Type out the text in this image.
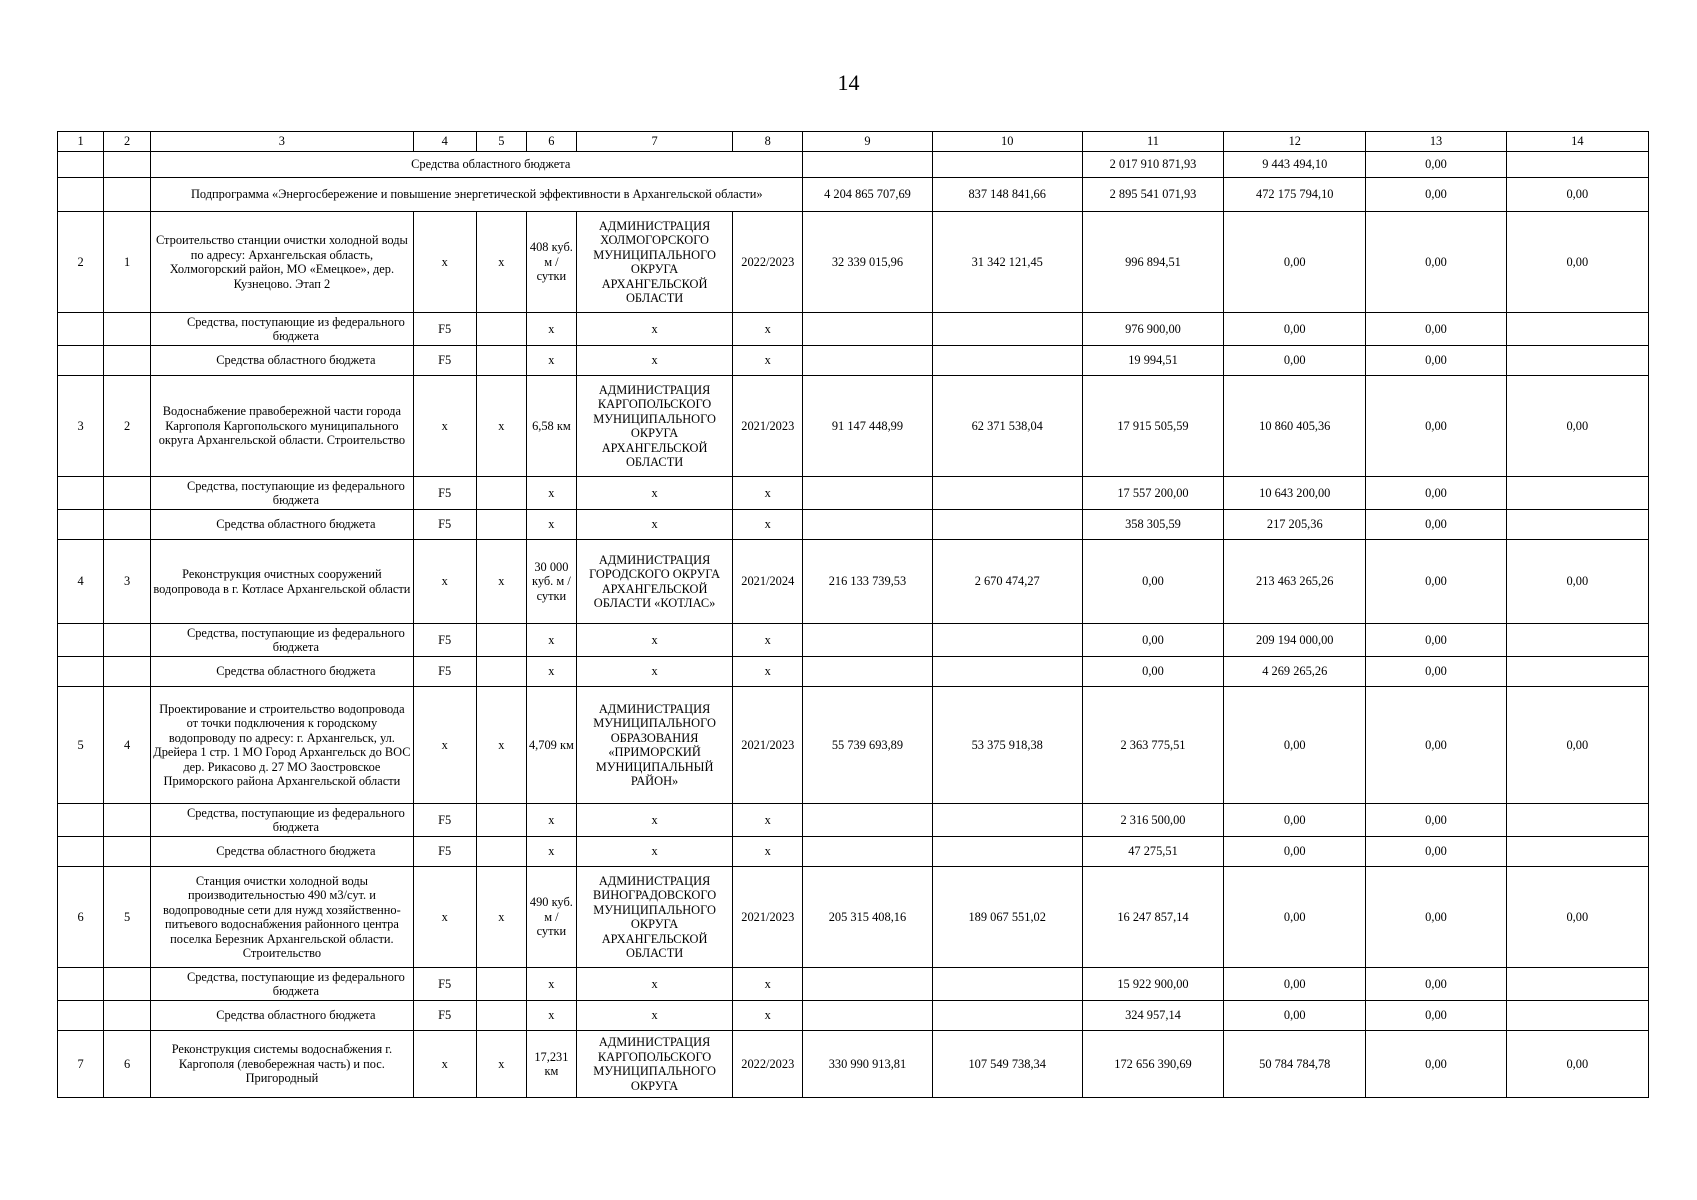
14
1	2	3	4	5	6	7	8	9	10	11	12	13	14
		Средства областного бюджета								2 017 910 871,93	9 443 494,10	0,00	
		Подпрограмма «Энергосбережение и повышение энергетической эффективности в Архангельской области»						4 204 865 707,69	837 148 841,66	2 895 541 071,93	472 175 794,10	0,00	0,00
2	1	Строительство станции очистки холодной воды по адресу: Архангельская область, Холмогорский район, МО «Емецкое», дер. Кузнецово. Этап 2	х	х	408 куб. м / сутки	АДМИНИСТРАЦИЯ ХОЛМОГОРСКОГО МУНИЦИПАЛЬНОГО ОКРУГА АРХАНГЕЛЬСКОЙ ОБЛАСТИ	2022/2023	32 339 015,96	31 342 121,45	996 894,51	0,00	0,00	0,00
		Средства, поступающие из федерального бюджета	F5		х	х	х			976 900,00	0,00	0,00	
		Средства областного бюджета	F5		х	х	х			19 994,51	0,00	0,00	
3	2	Водоснабжение правобережной части города Каргополя Каргопольского муниципального округа Архангельской области. Строительство	х	х	6,58 км	АДМИНИСТРАЦИЯ КАРГОПОЛЬСКОГО МУНИЦИПАЛЬНОГО ОКРУГА АРХАНГЕЛЬСКОЙ ОБЛАСТИ	2021/2023	91 147 448,99	62 371 538,04	17 915 505,59	10 860 405,36	0,00	0,00
		Средства, поступающие из федерального бюджета	F5		х	х	х			17 557 200,00	10 643 200,00	0,00	
		Средства областного бюджета	F5		х	х	х			358 305,59	217 205,36	0,00	
4	3	Реконструкция очистных сооружений водопровода в г. Котласе Архангельской области	х	х	30 000 куб. м / сутки	АДМИНИСТРАЦИЯ ГОРОДСКОГО ОКРУГА АРХАНГЕЛЬСКОЙ ОБЛАСТИ «КОТЛАС»	2021/2024	216 133 739,53	2 670 474,27	0,00	213 463 265,26	0,00	0,00
		Средства, поступающие из федерального бюджета	F5		х	х	х			0,00	209 194 000,00	0,00	
		Средства областного бюджета	F5		х	х	х			0,00	4 269 265,26	0,00	
5	4	Проектирование и строительство водопровода от точки подключения к городскому водопроводу по адресу: г. Архангельск, ул. Дрейера 1 стр. 1 МО Город Архангельск до ВОС дер. Рикасово д. 27 МО Заостровское Приморского района Архангельской области	х	х	4,709 км	АДМИНИСТРАЦИЯ МУНИЦИПАЛЬНОГО ОБРАЗОВАНИЯ «ПРИМОРСКИЙ МУНИЦИПАЛЬНЫЙ РАЙОН»	2021/2023	55 739 693,89	53 375 918,38	2 363 775,51	0,00	0,00	0,00
		Средства, поступающие из федерального бюджета	F5		х	х	х			2 316 500,00	0,00	0,00	
		Средства областного бюджета	F5		х	х	х			47 275,51	0,00	0,00	
6	5	Станция очистки холодной воды производительностью 490 м3/сут. и водопроводные сети для нужд хозяйственно-питьевого водоснабжения районного центра поселка Березник Архангельской области. Строительство	х	х	490 куб. м / сутки	АДМИНИСТРАЦИЯ ВИНОГРАДОВСКОГО МУНИЦИПАЛЬНОГО ОКРУГА АРХАНГЕЛЬСКОЙ ОБЛАСТИ	2021/2023	205 315 408,16	189 067 551,02	16 247 857,14	0,00	0,00	0,00
		Средства, поступающие из федерального бюджета	F5		х	х	х			15 922 900,00	0,00	0,00	
		Средства областного бюджета	F5		х	х	х			324 957,14	0,00	0,00	
7	6	Реконструкция системы водоснабжения г. Каргополя (левобережная часть) и пос. Пригородный	х	х	17,231 км	АДМИНИСТРАЦИЯ КАРГОПОЛЬСКОГО МУНИЦИПАЛЬНОГО ОКРУГА	2022/2023	330 990 913,81	107 549 738,34	172 656 390,69	50 784 784,78	0,00	0,00
